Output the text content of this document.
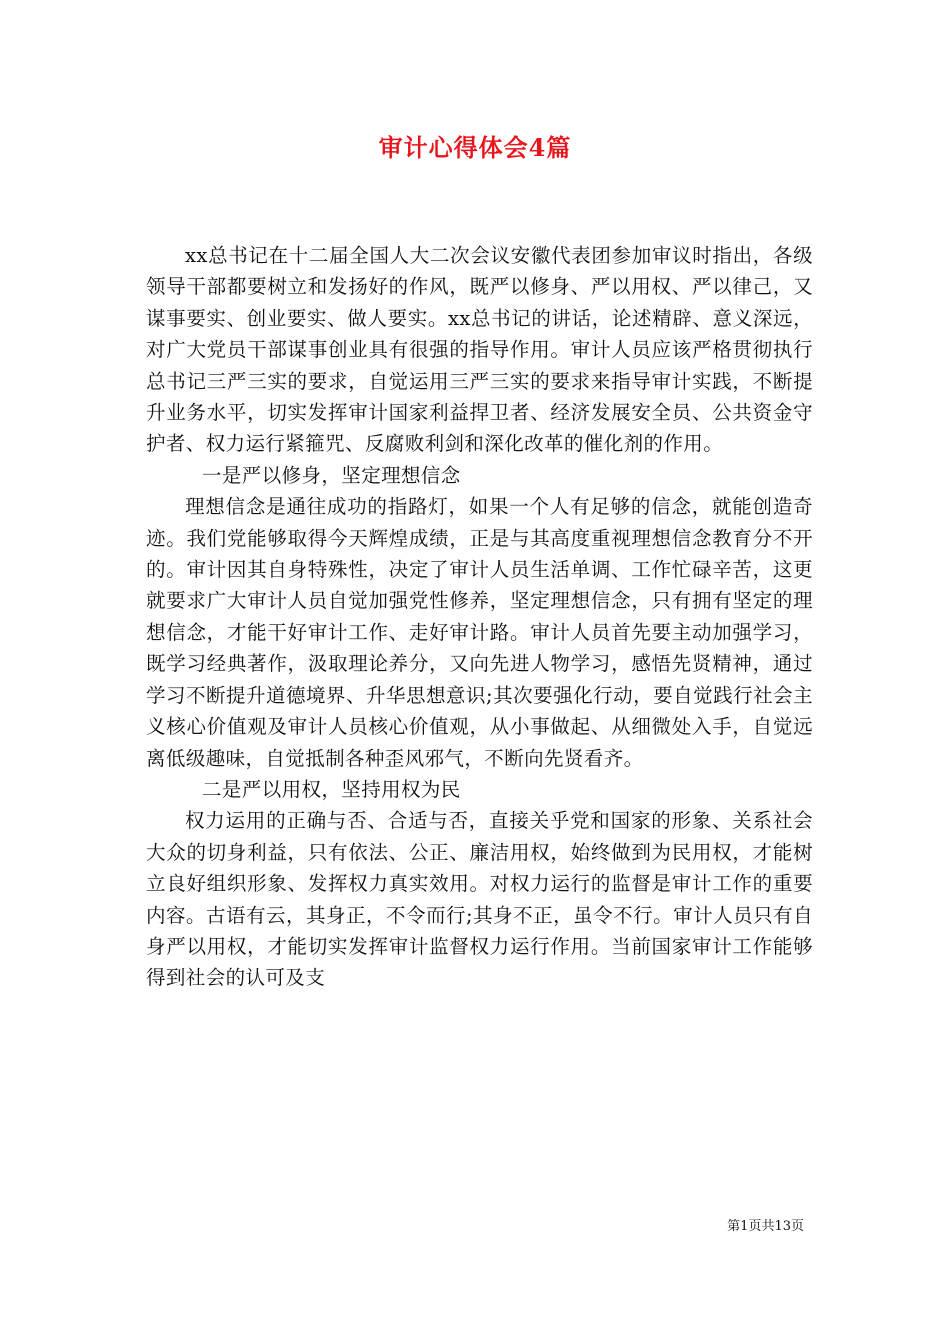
审计心得体会4篇

xx总书记在十二届全国人大二次会议安徽代表团参加审议时指出，各级领导干部都要树立和发扬好的作风，既严以修身、严以用权、严以律己，又谋事要实、创业要实、做人要实。xx总书记的讲话，论述精辟、意义深远，对广大党员干部谋事创业具有很强的指导作用。审计人员应该严格贯彻执行总书记三严三实的要求，自觉运用三严三实的要求来指导审计实践，不断提升业务水平，切实发挥审计国家利益捍卫者、经济发展安全员、公共资金守护者、权力运行紧箍咒、反腐败利剑和深化改革的催化剂的作用。

一是严以修身，坚定理想信念

理想信念是通往成功的指路灯，如果一个人有足够的信念，就能创造奇迹。我们党能够取得今天辉煌成绩，正是与其高度重视理想信念教育分不开的。审计因其自身特殊性，决定了审计人员生活单调、工作忙碌辛苦，这更就要求广大审计人员自觉加强党性修养，坚定理想信念，只有拥有坚定的理想信念，才能干好审计工作、走好审计路。审计人员首先要主动加强学习，既学习经典著作，汲取理论养分，又向先进人物学习，感悟先贤精神，通过学习不断提升道德境界、升华思想意识;其次要强化行动，要自觉践行社会主义核心价值观及审计人员核心价值观，从小事做起、从细微处入手，自觉远离低级趣味，自觉抵制各种歪风邪气，不断向先贤看齐。

二是严以用权，坚持用权为民

权力运用的正确与否、合适与否，直接关乎党和国家的形象、关系社会大众的切身利益，只有依法、公正、廉洁用权，始终做到为民用权，才能树立良好组织形象、发挥权力真实效用。对权力运行的监督是审计工作的重要内容。古语有云，其身正，不令而行;其身不正，虽令不行。审计人员只有自身严以用权，才能切实发挥审计监督权力运行作用。当前国家审计工作能够得到社会的认可及支

第1页共13页
